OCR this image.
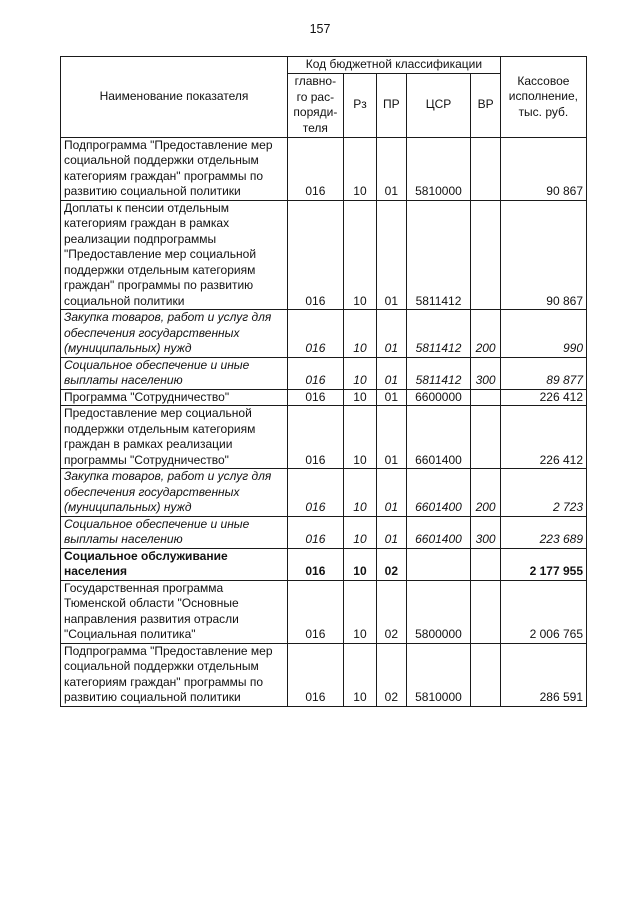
157
Наименование показателя	Код бюджетной классификации					Кассовое исполнение, тыс. руб.
	главно-го рас-поряди-теля	Рз	ПР	ЦСР	ВР	
Подпрограмма "Предоставление мер социальной поддержки отдельным категориям граждан" программы по развитию социальной политики	016	10	01	5810000		90 867
Доплаты к пенсии отдельным категориям граждан в рамках реализации подпрограммы "Предоставление мер социальной поддержки отдельным категориям граждан" программы по развитию социальной политики	016	10	01	5811412		90 867
Закупка товаров, работ и услуг для обеспечения государственных (муниципальных) нужд	016	10	01	5811412	200	990
Социальное обеспечение и иные выплаты населению	016	10	01	5811412	300	89 877
Программа "Сотрудничество"	016	10	01	6600000		226 412
Предоставление мер социальной поддержки отдельным категориям граждан в рамках реализации программы "Сотрудничество"	016	10	01	6601400		226 412
Закупка товаров, работ и услуг для обеспечения государственных (муниципальных) нужд	016	10	01	6601400	200	2 723
Социальное обеспечение и иные выплаты населению	016	10	01	6601400	300	223 689
Социальное обслуживание населения	016	10	02			2 177 955
Государственная программа Тюменской области "Основные направления развития отрасли "Социальная политика"	016	10	02	5800000		2 006 765
Подпрограмма "Предоставление мер социальной поддержки отдельным категориям граждан" программы по развитию социальной политики	016	10	02	5810000		286 591
